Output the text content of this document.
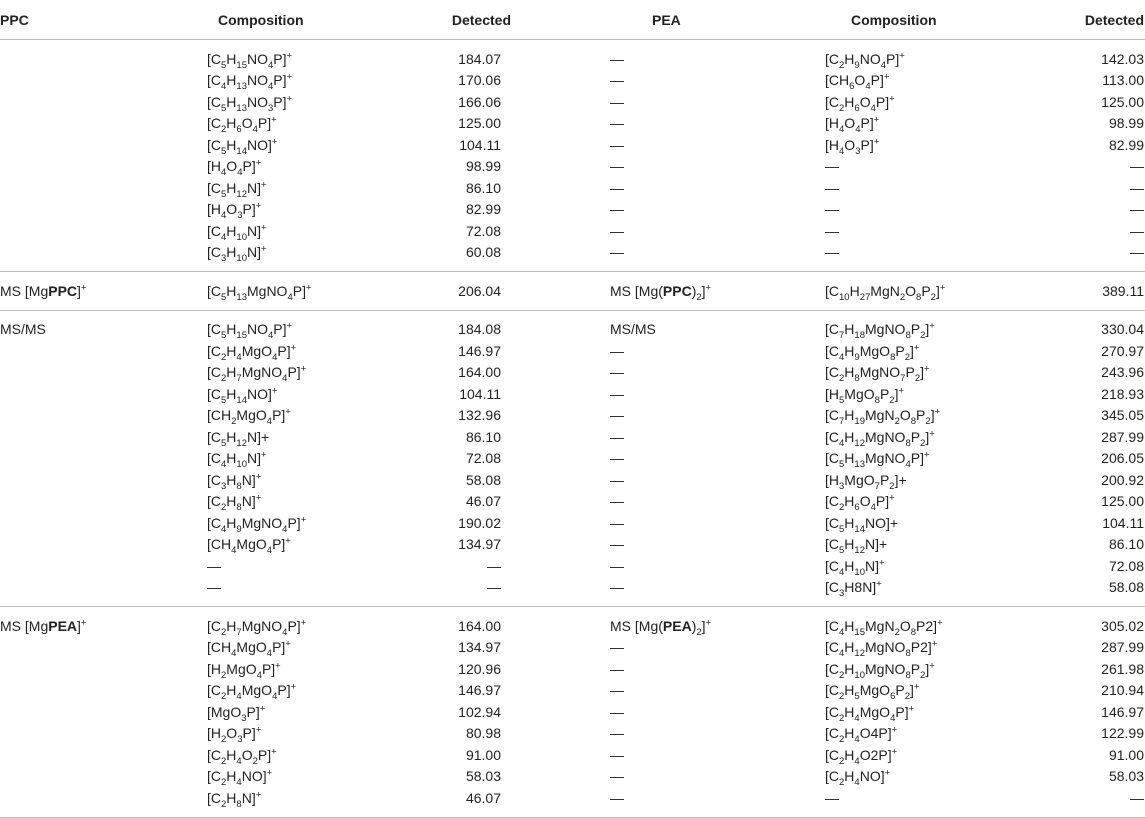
PPC	Composition	Detected	PEA	Composition	Detected
	$[C_5H_{15}NO_4P]^+$	184.07	—	$[C_2H_9NO_4P]^+$	142.03
	$[C_4H_{13}NO_4P]^+$	170.06	—	$[CH_6O_4P]^+$	113.00
	$[C_5H_{13}NO_3P]^+$	166.06	—	$[C_2H_6O_4P]^+$	125.00
	$[C_2H_6O_4P]^+$	125.00	—	$[H_4O_4P]^+$	98.99
	$[C_5H_{14}NO]^+$	104.11	—	$[H_4O_3P]^+$	82.99
	$[H_4O_4P]^+$	98.99	—	—	—
	$[C_5H_{12}N]^+$	86.10	—	—	—
	$[H_4O_3P]^+$	82.99	—	—	—
	$[C_4H_{10}N]^+$	72.08	—	—	—
	$[C_3H_{10}N]^+$	60.08	—	—	—
MS [MgPPC]+	$[C_5H_{13}MgNO_4P]^+$	206.04	MS $[Mg(PPC)_2]^+$	$[C_{10}H_{27}MgN_2O_8P_2]^+$	389.11
MS/MS	$[C_5H_{15}NO_4P]^+$	184.08	MS/MS	$[C_7H_{18}MgNO_8P_2]^+$	330.04
	$[C_2H_4MgO_4P]^+$	146.97	—	$[C_4H_9MgO_8P_2]^+$	270.97
	$[C_2H_7MgNO_4P]^+$	164.00	—	$[C_2H_8MgNO_7P_2]^+$	243.96
	$[C_5H_{14}NO]^+$	104.11	—	$[H_5MgO_8P_2]^+$	218.93
	$[CH_2MgO_4P]^+$	132.96	—	$[C_7H_{19}MgN_2O_8P_2]^+$	345.05
	$[C_5H_{12}N]+$	86.10	—	$[C_4H_{12}MgNO_8P_2]^+$	287.99
	$[C_4H_{10}N]^+$	72.08	—	$[C_5H_{13}MgNO_4P]^+$	206.05
	$[C_3H_8N]^+$	58.08	—	$[H_3MgO_7P_2]+$	200.92
	$[C_2H_8N]^+$	46.07	—	$[C_2H_6O_4P]^+$	125.00
	$[C_4H_9MgNO_4P]^+$	190.02	—	$[C_5H_{14}NO]+$	104.11
	$[CH_4MgO_4P]^+$	134.97	—	$[C_5H_{12}N]+$	86.10
	—	—	—	$[C_4H_{10}N]^+$	72.08
	—	—	—	$[C_3H8N]^+$	58.08
MS [MgPEA]+	$[C_2H_7MgNO_4P]^+$	164.00	MS $[Mg(PEA)_2]^+$	$[C_4H_{15}MgN_2O_8P2]^+$	305.02
	$[CH_4MgO_4P]^+$	134.97	—	$[C_4H_{12}MgNO_8P2]^+$	287.99
	$[H_2MgO_4P]^+$	120.96	—	$[C_2H_{10}MgNO_8P_2]^+$	261.98
	$[C_2H_4MgO_4P]^+$	146.97	—	$[C_2H_5MgO_6P_2]^+$	210.94
	[MgO$_3$P]+	102.94	—	$[C_2H_4MgO_4P]^+$	146.97
	$[H_2O_3P]^+$	80.98	—	$[C_2H_4O4P]^+$	122.99
	$[C_2H_4O_2P]^+$	91.00	—	$[C_2H_4O2P]^+$	91.00
	$[C_2H_4NO]^+$	58.03	—	$[C_2H_4NO]^+$	58.03
	$[C_2H_8N]^+$	46.07	—	—	—
